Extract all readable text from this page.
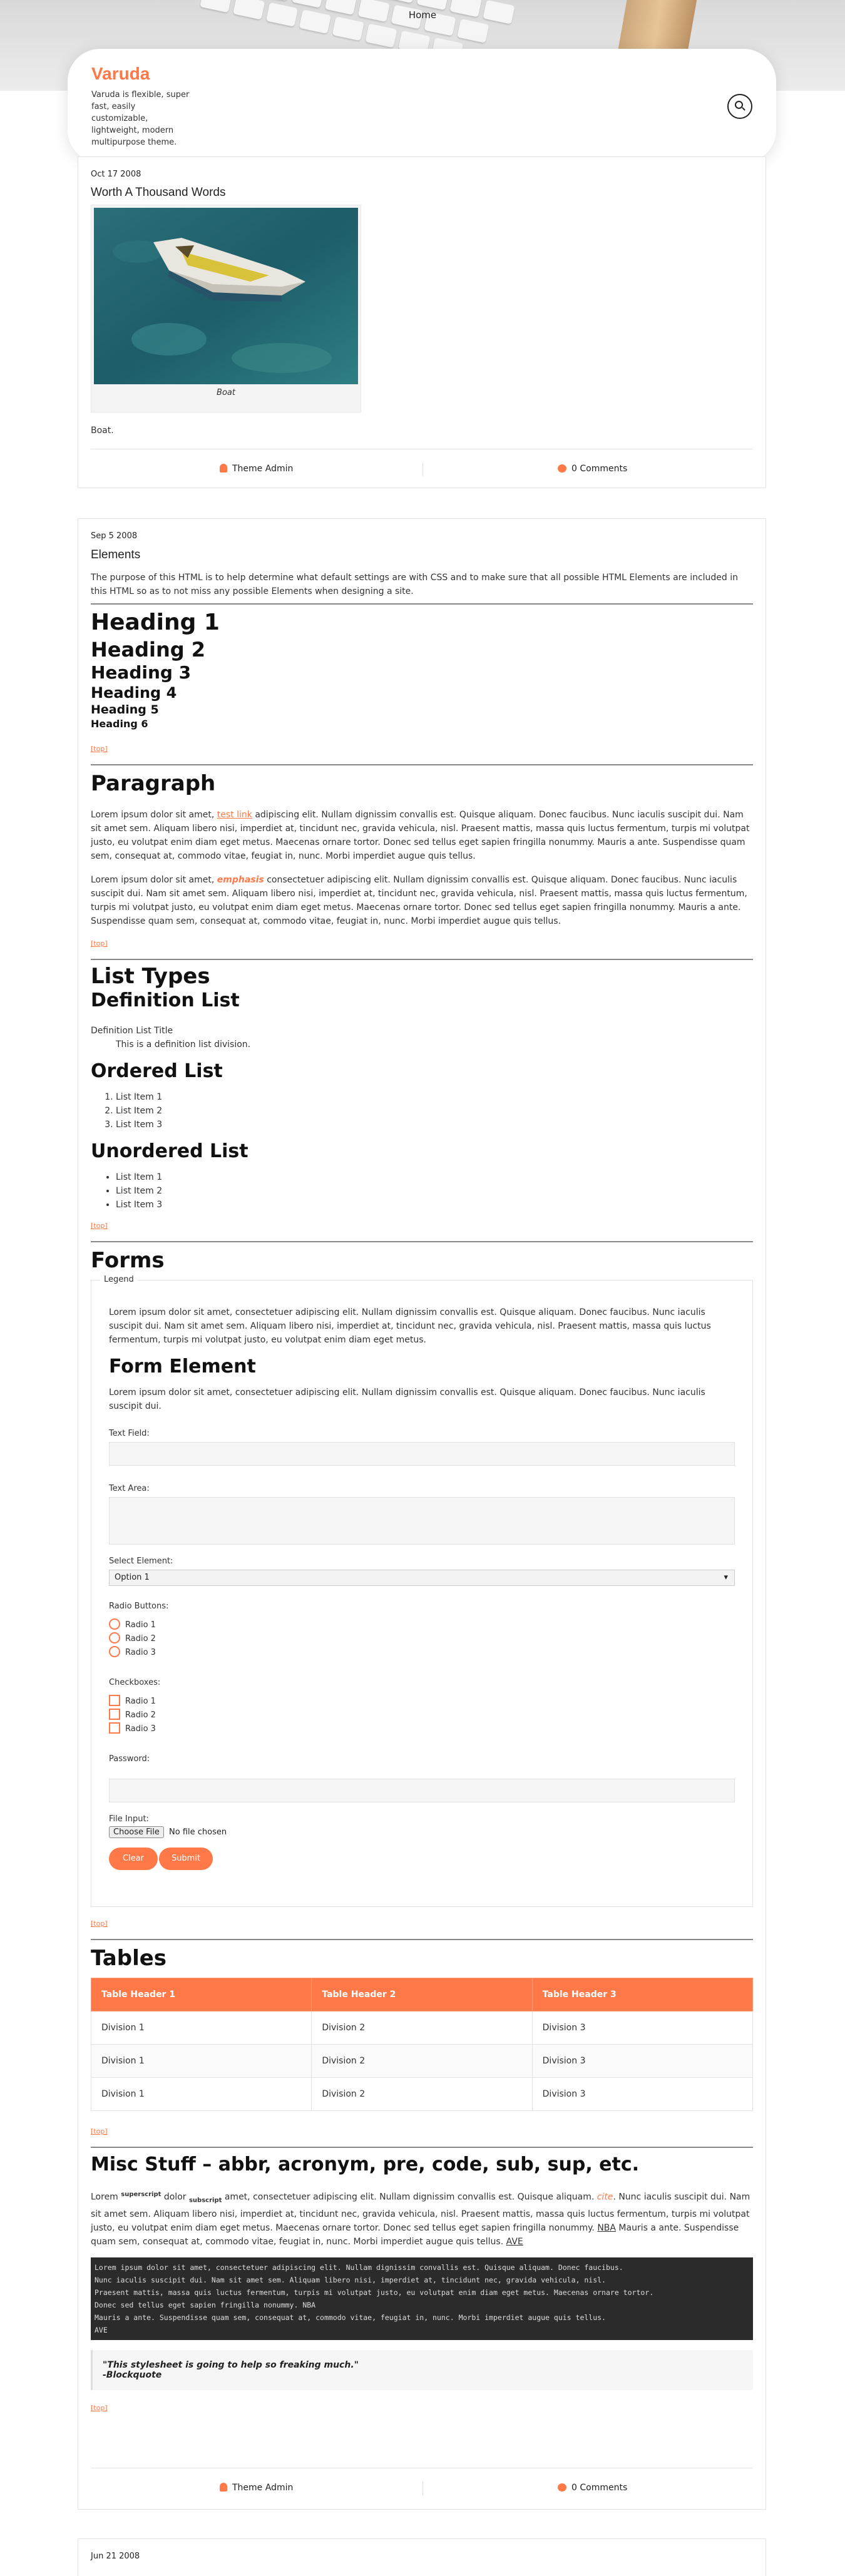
Home
Varuda
Varuda is flexible, super fast, easily customizable, lightweight, modern multipurpose theme.
Oct 17 2008
Worth A Thousand Words
Boat
Boat.
Theme Admin	0 Comments
Sep 5 2008
Elements
The purpose of this HTML is to help determine what default settings are with CSS and to make sure that all possible HTML Elements are included in this HTML so as to not miss any possible Elements when designing a site.
Heading 1
Heading 2
Heading 3
Heading 4
Heading 5
Heading 6
[top]
Paragraph

Lorem ipsum dolor sit amet, test link adipiscing elit. Nullam dignissim convallis est. Quisque aliquam. Donec faucibus. Nunc iaculis suscipit dui. Nam sit amet sem. Aliquam libero nisi, imperdiet at, tincidunt nec, gravida vehicula, nisl. Praesent mattis, massa quis luctus fermentum, turpis mi volutpat justo, eu volutpat enim diam eget metus. Maecenas ornare tortor. Donec sed tellus eget sapien fringilla nonummy. Mauris a ante. Suspendisse quam sem, consequat at, commodo vitae, feugiat in, nunc. Morbi imperdiet augue quis tellus.

Lorem ipsum dolor sit amet, emphasis consectetuer adipiscing elit. Nullam dignissim convallis est. Quisque aliquam. Donec faucibus. Nunc iaculis suscipit dui. Nam sit amet sem. Aliquam libero nisi, imperdiet at, tincidunt nec, gravida vehicula, nisl. Praesent mattis, massa quis luctus fermentum, turpis mi volutpat justo, eu volutpat enim diam eget metus. Maecenas ornare tortor. Donec sed tellus eget sapien fringilla nonummy. Mauris a ante. Suspendisse quam sem, consequat at, commodo vitae, feugiat in, nunc. Morbi imperdiet augue quis tellus.

[top]
List Types
Definition List
Definition List Title
This is a definition list division.
Ordered List
1. List Item 1
2. List Item 2
3. List Item 3
Unordered List
• List Item 1
• List Item 2
• List Item 3
[top]
Forms
Legend
Lorem ipsum dolor sit amet, consectetuer adipiscing elit. Nullam dignissim convallis est. Quisque aliquam. Donec faucibus. Nunc iaculis suscipit dui. Nam sit amet sem. Aliquam libero nisi, imperdiet at, tincidunt nec, gravida vehicula, nisl. Praesent mattis, massa quis luctus fermentum, turpis mi volutpat justo, eu volutpat enim diam eget metus.
Form Element
Lorem ipsum dolor sit amet, consectetuer adipiscing elit. Nullam dignissim convallis est. Quisque aliquam. Donec faucibus. Nunc iaculis suscipit dui.
Text Field:
Text Area:
Select Element:
Option 1	▾
Radio Buttons:
Radio 1
Radio 2
Radio 3
Checkboxes:
Radio 1
Radio 2
Radio 3
Password:
File Input:
Choose File No file chosen
Clear	Submit
[top]
Tables
Table Header 1	Table Header 2	Table Header 3
Division 1	Division 2	Division 3
Division 1	Division 2	Division 3
Division 1	Division 2	Division 3
[top]
Misc Stuff – abbr, acronym, pre, code, sub, sup, etc.

Lorem $^{superscript}$ dolor $_{subscript}$ amet, consectetuer adipiscing elit. Nullam dignissim convallis est. Quisque aliquam. cite. Nunc iaculis suscipit dui. Nam sit amet sem. Aliquam libero nisi, imperdiet at, tincidunt nec, gravida vehicula, nisl. Praesent mattis, massa quis luctus fermentum, turpis mi volutpat justo, eu volutpat enim diam eget metus. Maecenas ornare tortor. Donec sed tellus eget sapien fringilla nonummy. NBA Mauris a ante. Suspendisse quam sem, consequat at, commodo vitae, feugiat in, nunc. Morbi imperdiet augue quis tellus. AVE

Lorem ipsum dolor sit amet, consectetuer adipiscing elit. Nullam dignissim convallis est. Quisque aliquam. Donec faucibus.
Nunc iaculis suscipit dui. Nam sit amet sem. Aliquam libero nisi, imperdiet at, tincidunt nec, gravida vehicula, nisl.
Praesent mattis, massa quis luctus fermentum, turpis mi volutpat justo, eu volutpat enim diam eget metus. Maecenas ornare tortor.
Donec sed tellus eget sapien fringilla nonummy. NBA
Mauris a ante. Suspendisse quam sem, consequat at, commodo vitae, feugiat in, nunc. Morbi imperdiet augue quis tellus.
AVE
"This stylesheet is going to help so freaking much."
-Blockquote
[top]
Theme Admin	0 Comments
Jun 21 2008
